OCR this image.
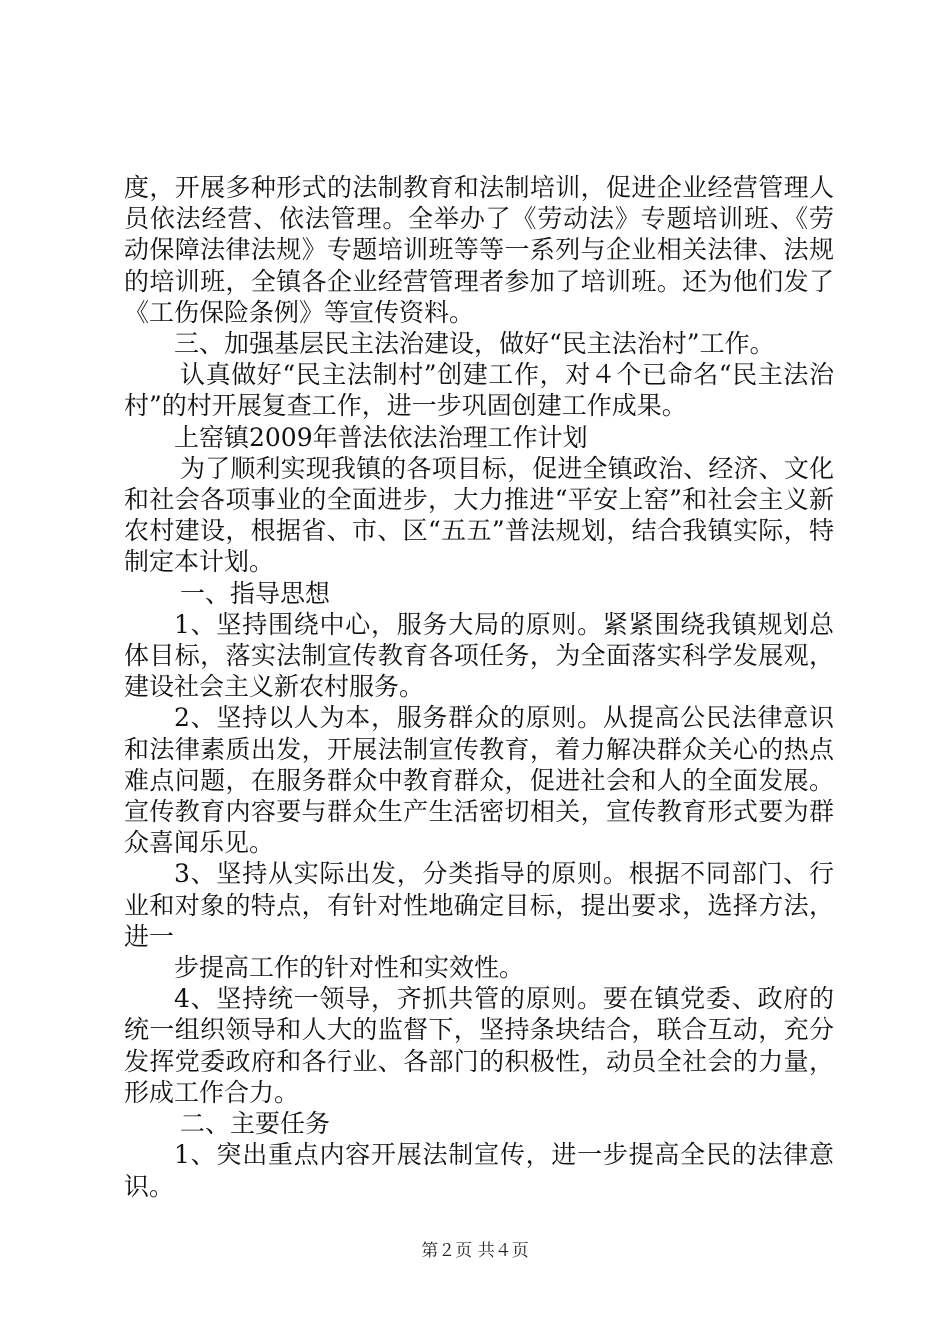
度，开展多种形式的法制教育和法制培训，促进企业经营管理人员依法经营、依法管理。全举办了《劳动法》专题培训班、《劳动保障法律法规》专题培训班等等一系列与企业相关法律、法规的培训班，全镇各企业经营管理者参加了培训班。还为他们发了《工伤保险条例》等宣传资料。

三、加强基层民主法治建设，做好“民主法治村”工作。

认真做好“民主法制村”创建工作，对４个已命名“民主法治村”的村开展复查工作，进一步巩固创建工作成果。

上窑镇2009年普法依法治理工作计划

为了顺利实现我镇的各项目标，促进全镇政治、经济、文化和社会各项事业的全面进步，大力推进“平安上窑”和社会主义新农村建设，根据省、市、区“五五”普法规划，结合我镇实际，特制定本计划。

一、指导思想

1、坚持围绕中心，服务大局的原则。紧紧围绕我镇规划总体目标，落实法制宣传教育各项任务，为全面落实科学发展观，建设社会主义新农村服务。

2、坚持以人为本，服务群众的原则。从提高公民法律意识和法律素质出发，开展法制宣传教育，着力解决群众关心的热点难点问题，在服务群众中教育群众，促进社会和人的全面发展。宣传教育内容要与群众生产生活密切相关，宣传教育形式要为群众喜闻乐见。

3、坚持从实际出发，分类指导的原则。根据不同部门、行业和对象的特点，有针对性地确定目标，提出要求，选择方法，进一

步提高工作的针对性和实效性。

4、坚持统一领导，齐抓共管的原则。要在镇党委、政府的统一组织领导和人大的监督下，坚持条块结合，联合互动，充分发挥党委政府和各行业、各部门的积极性，动员全社会的力量，形成工作合力。

二、主要任务

1、突出重点内容开展法制宣传，进一步提高全民的法律意识。

第２页 共４页
